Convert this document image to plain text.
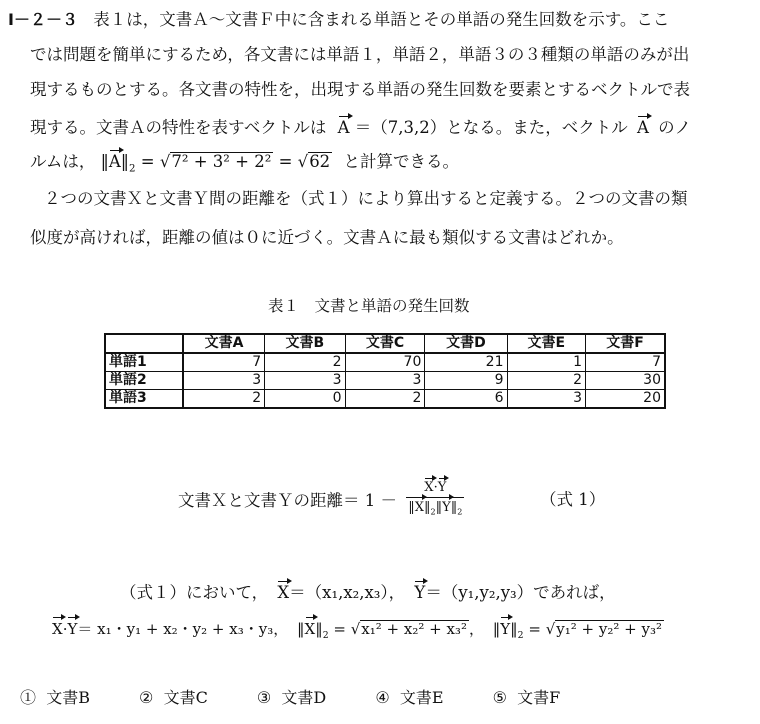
Ⅰ－２－３ 表１は，文書Ａ～文書Ｆ中に含まれる単語とその単語の発生回数を示す。ここ
では問題を簡単にするため，各文書には単語１，単語２，単語３の３種類の単語のみが出
現するものとする。各文書の特性を，出現する単語の発生回数を要素とするベクトルで表
現する。文書Ａの特性を表すベクトルは A ＝（7,3,2）となる。また，ベクトル A のノ
ルムは， $‖A‖_2 = √7^2 + 3^2 + 2^2 = √62$ と計算できる。
２つの文書Ｘと文書Ｙ間の距離を（式１）により算出すると定義する。２つの文書の類
似度が高ければ，距離の値は０に近づく。文書Ａに最も類似する文書はどれか。
表１　文書と単語の発生回数
	文書A	文書B	文書C	文書D	文書E	文書F
単語1	7	2	70	21	1	7
単語2	3	3	3	9	2	30
単語3	2	0	2	6	3	20
文書Ｘと文書Ｙの距離＝ $1 - \frac{X\cdot Y}{‖X‖_2‖Y‖_2}$	（式 1）
（式１）において， X＝（x₁,x₂,x₃）， Y＝（y₁,y₂,y₃）であれば，
X·Y＝ x₁・y₁ + x₂・y₂ + x₃・y₃， $‖X‖_2 = √x_1^2 + x_2^2 + x_3^2$ ， $‖Y‖_2 = √y_1^2 + y_2^2 + y_3^2$
① 文書B	② 文書C	③ 文書D	④ 文書E	⑤ 文書F
